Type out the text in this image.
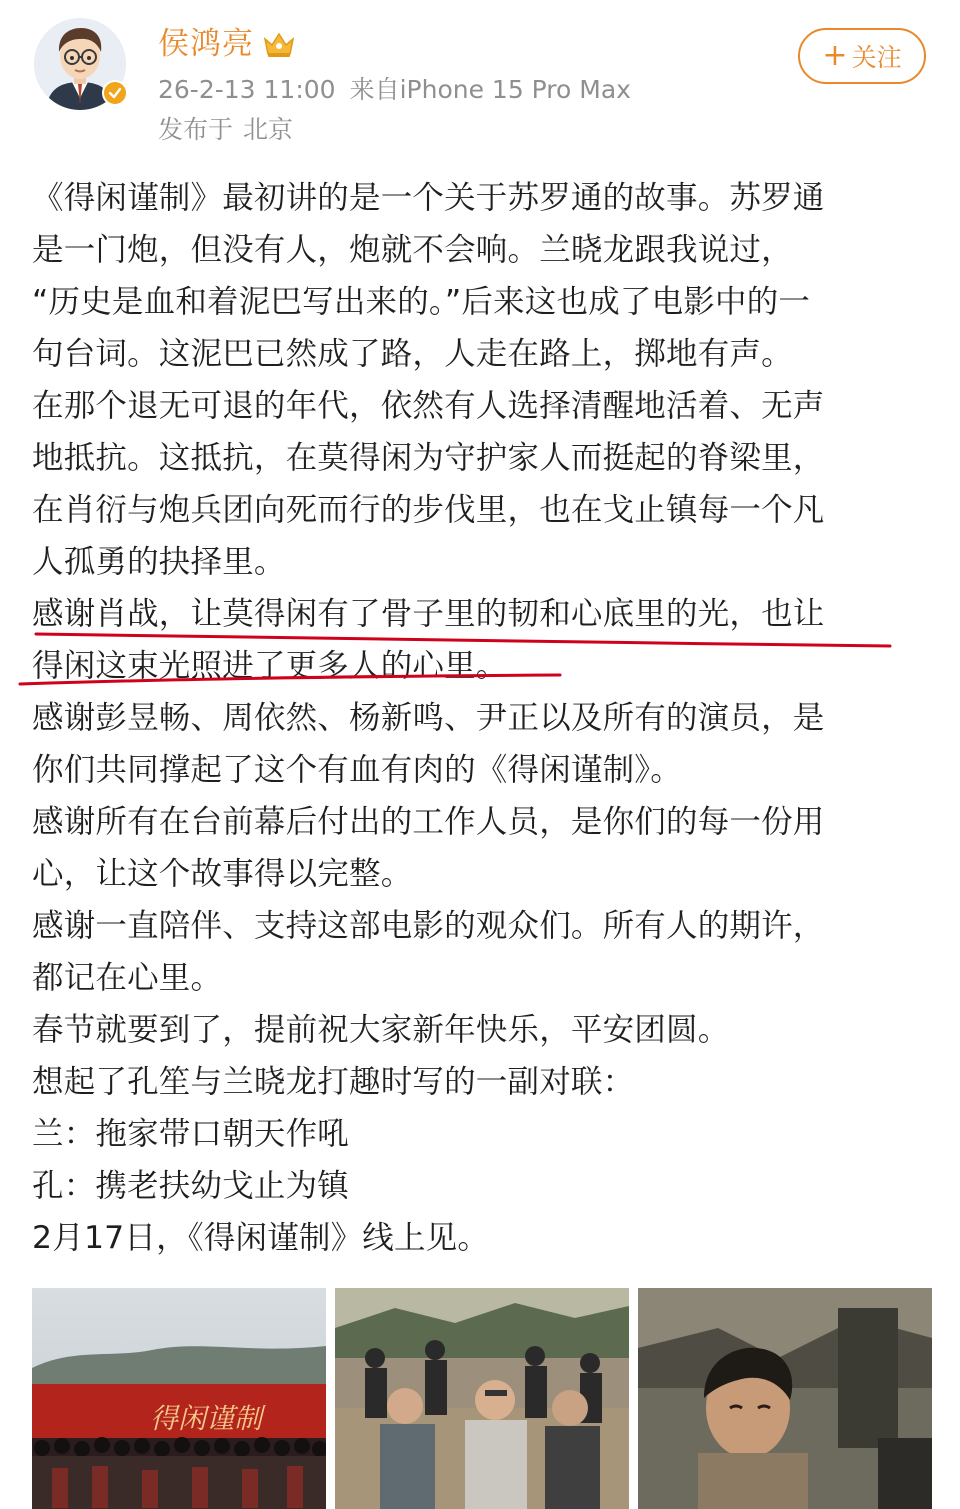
侯鸿亮
26-2-13 11:00 来自iPhone 15 Pro Max
发布于 北京
+ 关注
《得闲谨制》最初讲的是一个关于苏罗通的故事。苏罗通
是一门炮，但没有人，炮就不会响。兰晓龙跟我说过，
“历史是血和着泥巴写出来的。”后来这也成了电影中的一
句台词。这泥巴已然成了路，人走在路上，掷地有声。
在那个退无可退的年代，依然有人选择清醒地活着、无声
地抵抗。这抵抗，在莫得闲为守护家人而挺起的脊梁里，
在肖衍与炮兵团向死而行的步伐里，也在戈止镇每一个凡
人孤勇的抉择里。
感谢肖战，让莫得闲有了骨子里的韧和心底里的光，也让
得闲这束光照进了更多人的心里。
感谢彭昱畅、周依然、杨新鸣、尹正以及所有的演员，是
你们共同撑起了这个有血有肉的《得闲谨制》。
感谢所有在台前幕后付出的工作人员，是你们的每一份用
心，让这个故事得以完整。
感谢一直陪伴、支持这部电影的观众们。所有人的期许，
都记在心里。
春节就要到了，提前祝大家新年快乐，平安团圆。
想起了孔笙与兰晓龙打趣时写的一副对联：
兰：拖家带口朝天作吼
孔：携老扶幼戈止为镇
2月17日，《得闲谨制》线上见。
得闲谨制
